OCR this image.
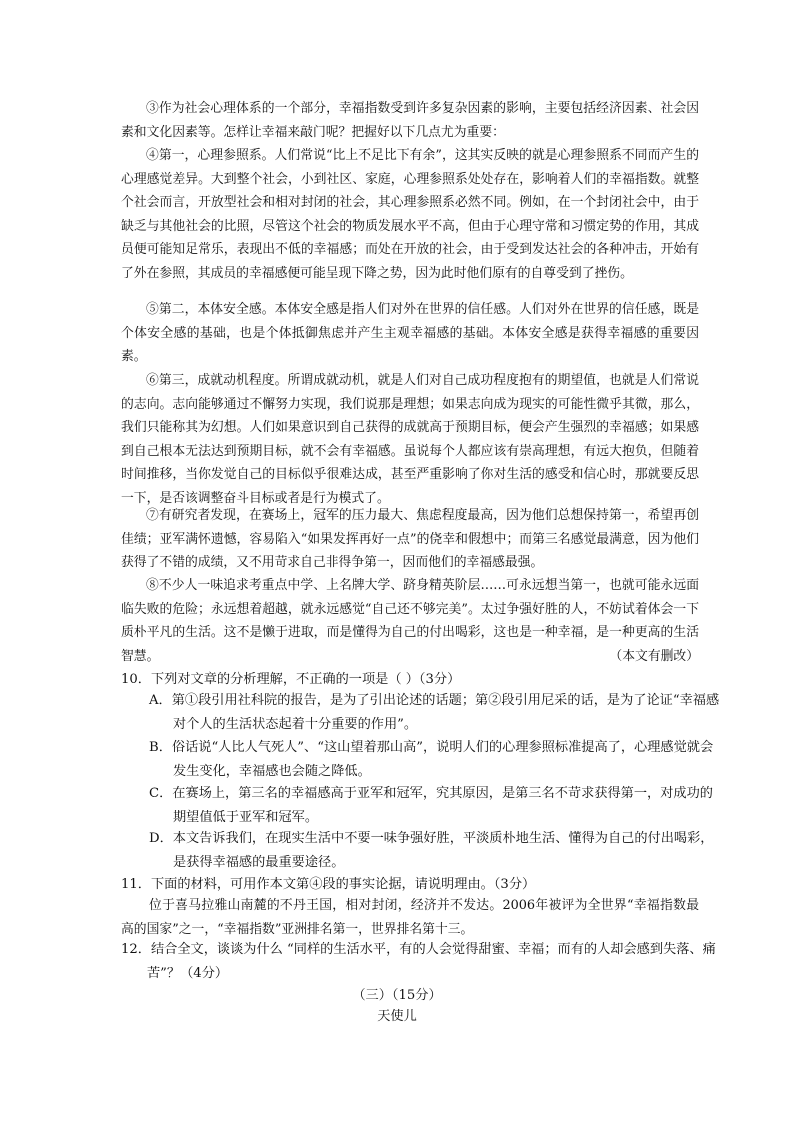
③作为社会心理体系的一个部分，幸福指数受到许多复杂因素的影响，主要包括经济因素、社会因素和文化因素等。怎样让幸福来敲门呢？把握好以下几点尤为重要：

④第一，心理参照系。人们常说“比上不足比下有余”，这其实反映的就是心理参照系不同而产生的心理感觉差异。大到整个社会，小到社区、家庭，心理参照系处处存在，影响着人们的幸福指数。就整个社会而言，开放型社会和相对封闭的社会，其心理参照系必然不同。例如，在一个封闭社会中，由于缺乏与其他社会的比照，尽管这个社会的物质发展水平不高，但由于心理守常和习惯定势的作用，其成员便可能知足常乐，表现出不低的幸福感；而处在开放的社会，由于受到发达社会的各种冲击，开始有了外在参照，其成员的幸福感便可能呈现下降之势，因为此时他们原有的自尊受到了挫伤。

⑤第二，本体安全感。本体安全感是指人们对外在世界的信任感。人们对外在世界的信任感，既是个体安全感的基础，也是个体抵御焦虑并产生主观幸福感的基础。本体安全感是获得幸福感的重要因素。

⑥第三，成就动机程度。所谓成就动机，就是人们对自己成功程度抱有的期望值，也就是人们常说的志向。志向能够通过不懈努力实现，我们说那是理想；如果志向成为现实的可能性微乎其微，那么，我们只能称其为幻想。人们如果意识到自己获得的成就高于预期目标，便会产生强烈的幸福感；如果感到自己根本无法达到预期目标，就不会有幸福感。虽说每个人都应该有崇高理想，有远大抱负，但随着时间推移，当你发觉自己的目标似乎很难达成，甚至严重影响了你对生活的感受和信心时，那就要反思一下，是否该调整奋斗目标或者是行为模式了。

⑦有研究者发现，在赛场上，冠军的压力最大、焦虑程度最高，因为他们总想保持第一，希望再创佳绩；亚军满怀遗憾，容易陷入“如果发挥再好一点”的侥幸和假想中；而第三名感觉最满意，因为他们获得了不错的成绩，又不用苛求自己非得争第一，因而他们的幸福感最强。

⑧不少人一味追求考重点中学、上名牌大学、跻身精英阶层……可永远想当第一，也就可能永远面临失败的危险；永远想着超越，就永远感觉“自己还不够完美”。太过争强好胜的人，不妨试着体会一下质朴平凡的生活。这不是懒于进取，而是懂得为自己的付出喝彩，这也是一种幸福，是一种更高的生活智慧。	（本文有删改）

10．下列对文章的分析理解，不正确的一项是（ ）（3分）

A．第①段引用社科院的报告，是为了引出论述的话题；第②段引用尼采的话，是为了论证“幸福感对个人的生活状态起着十分重要的作用”。

B．俗话说“人比人气死人”、“这山望着那山高”，说明人们的心理参照标准提高了，心理感觉就会发生变化，幸福感也会随之降低。

C．在赛场上，第三名的幸福感高于亚军和冠军，究其原因，是第三名不苛求获得第一，对成功的期望值低于亚军和冠军。

D．本文告诉我们，在现实生活中不要一味争强好胜，平淡质朴地生活、懂得为自己的付出喝彩，是获得幸福感的最重要途径。

11．下面的材料，可用作本文第④段的事实论据，请说明理由。（3分）

位于喜马拉雅山南麓的不丹王国，相对封闭，经济并不发达。2006年被评为全世界“幸福指数最高的国家”之一，“幸福指数”亚洲排名第一，世界排名第十三。

12．结合全文，谈谈为什么 “同样的生活水平，有的人会觉得甜蜜、幸福；而有的人却会感到失落、痛苦”？（4分）

（三）（15分）
天使儿
